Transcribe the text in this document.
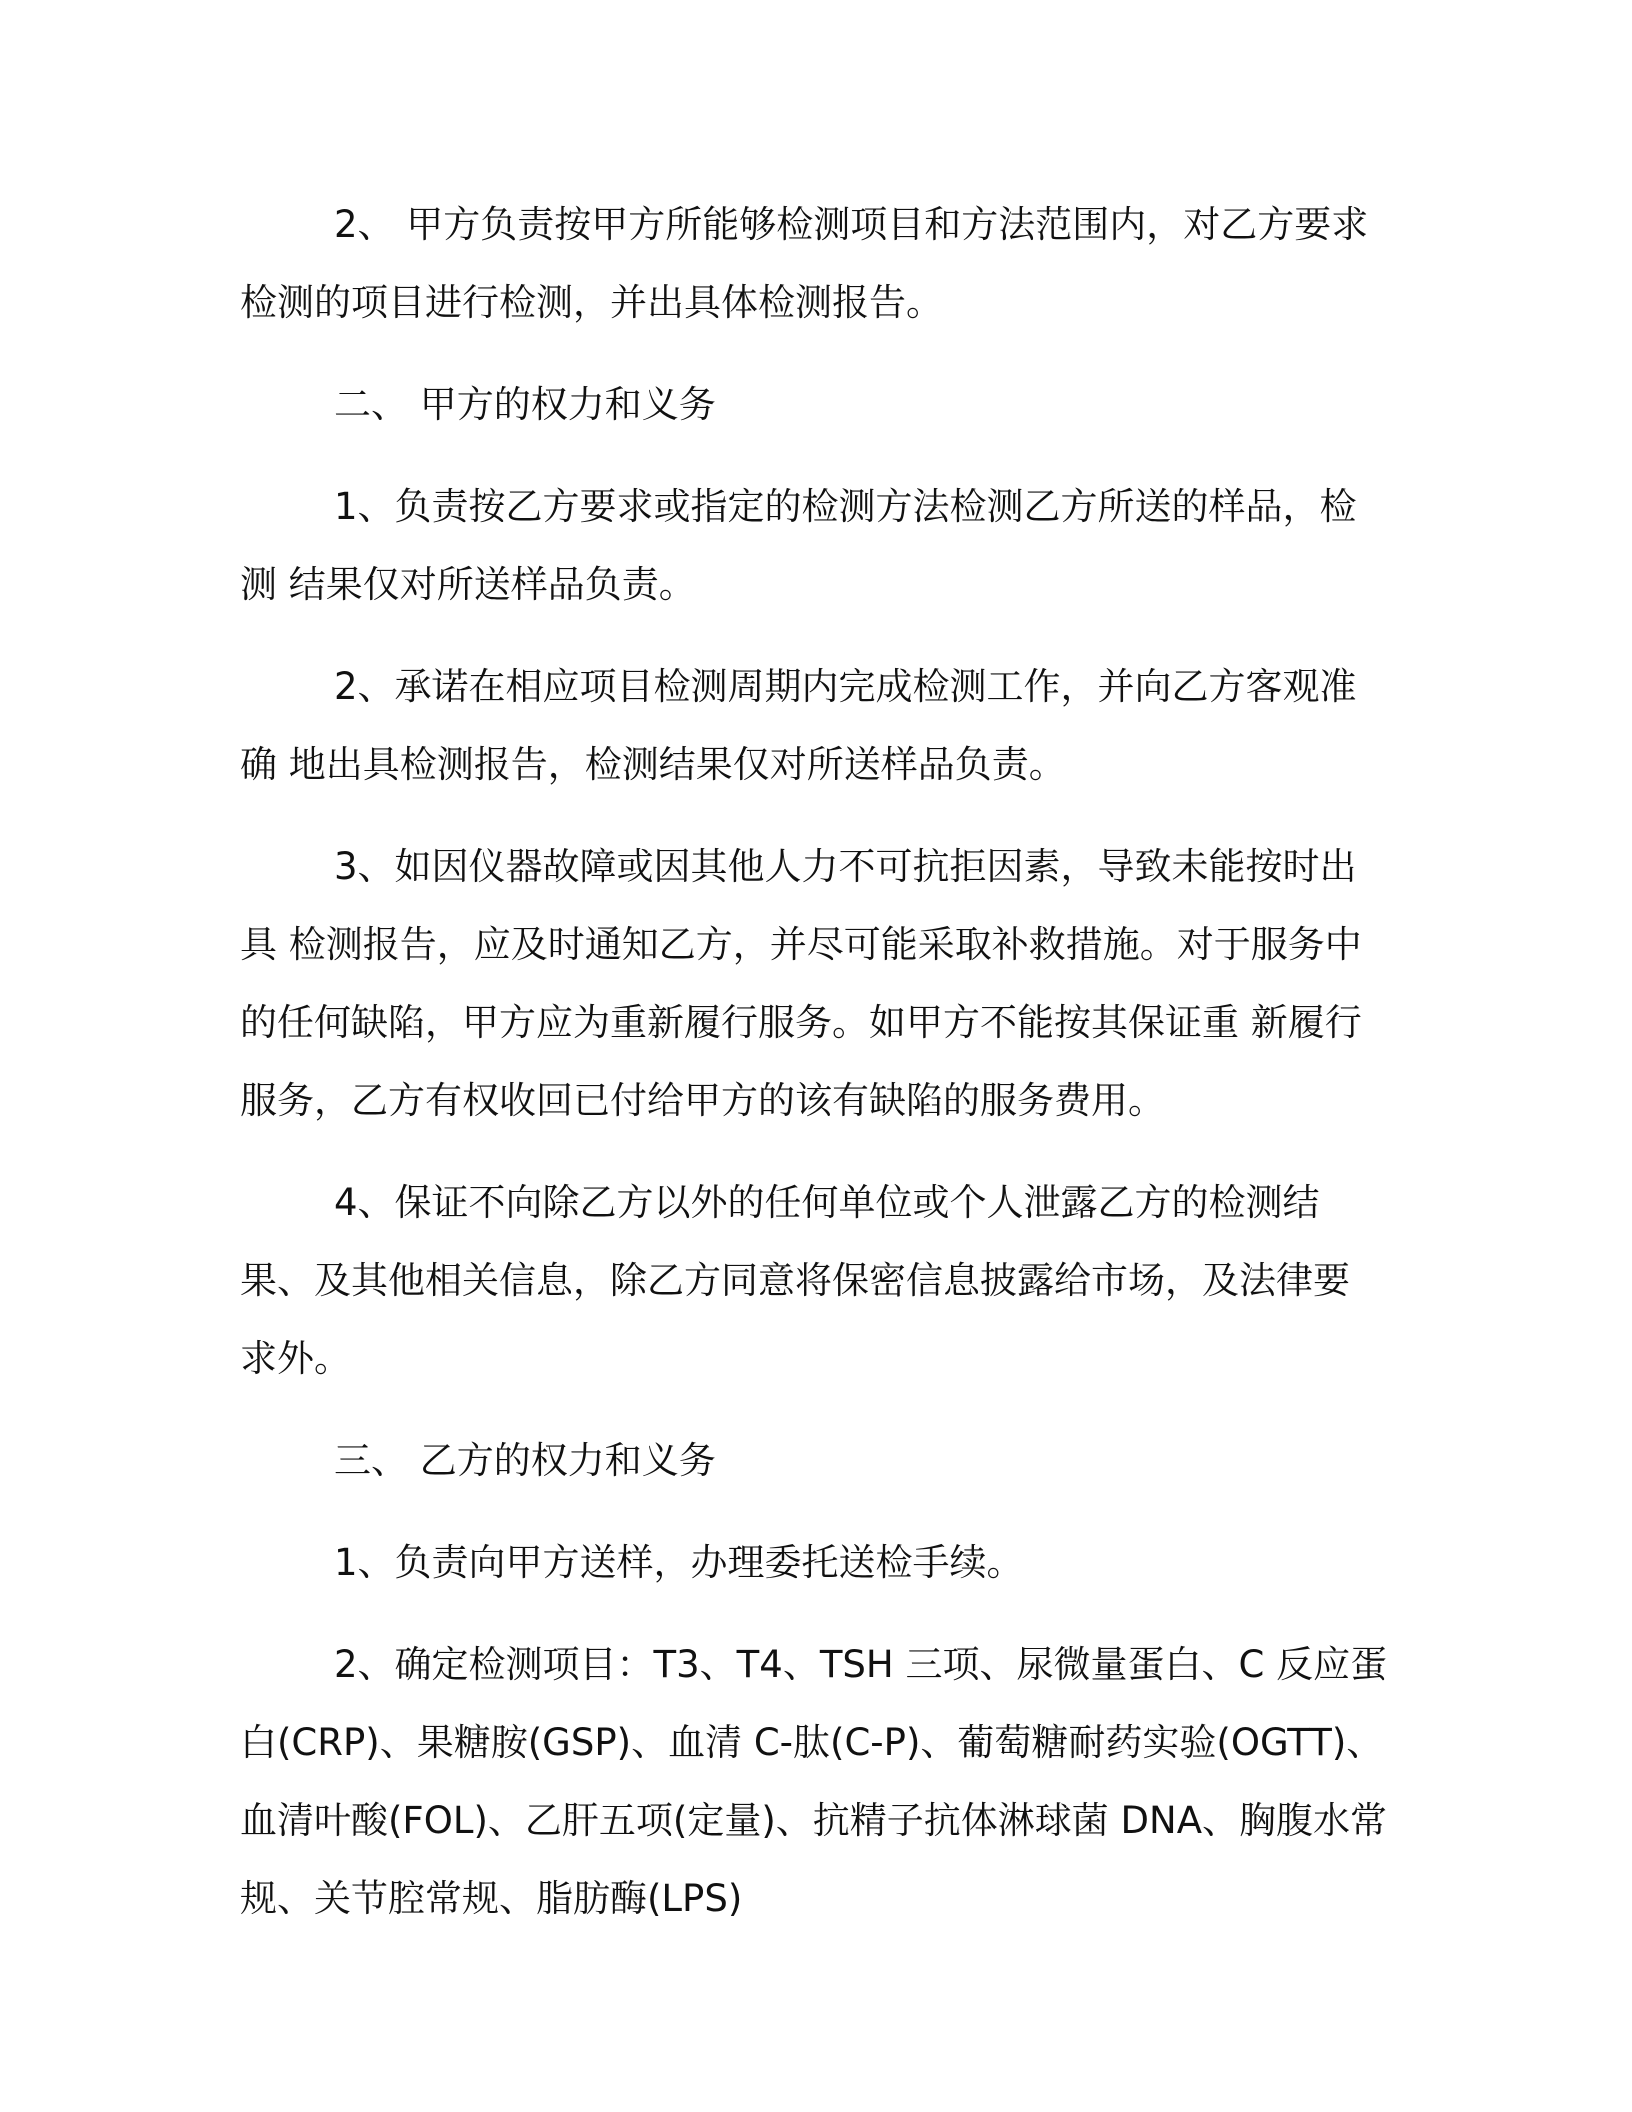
2、 甲方负责按甲方所能够检测项目和方法范围内，对乙方要求检测的项目进行检测，并出具体检测报告。

二、 甲方的权力和义务

1、负责按乙方要求或指定的检测方法检测乙方所送的样品，检测 结果仅对所送样品负责。

2、承诺在相应项目检测周期内完成检测工作，并向乙方客观准确 地出具检测报告，检测结果仅对所送样品负责。

3、如因仪器故障或因其他人力不可抗拒因素，导致未能按时出具 检测报告，应及时通知乙方，并尽可能采取补救措施。对于服务中的任何缺陷，甲方应为重新履行服务。如甲方不能按其保证重 新履行服务，乙方有权收回已付给甲方的该有缺陷的服务费用。

4、保证不向除乙方以外的任何单位或个人泄露乙方的检测结果、及其他相关信息，除乙方同意将保密信息披露给市场，及法律要 求外。

三、 乙方的权力和义务

1、负责向甲方送样，办理委托送检手续。

2、确定检测项目：T3、T4、TSH 三项、尿微量蛋白、C 反应蛋白(CRP)、果糖胺(GSP)、血清 C-肽(C-P)、葡萄糖耐药实验(OGTT)、血清叶酸(FOL)、乙肝五项(定量)、抗精子抗体淋球菌 DNA、胸腹水常规、关节腔常规、脂肪酶(LPS)
